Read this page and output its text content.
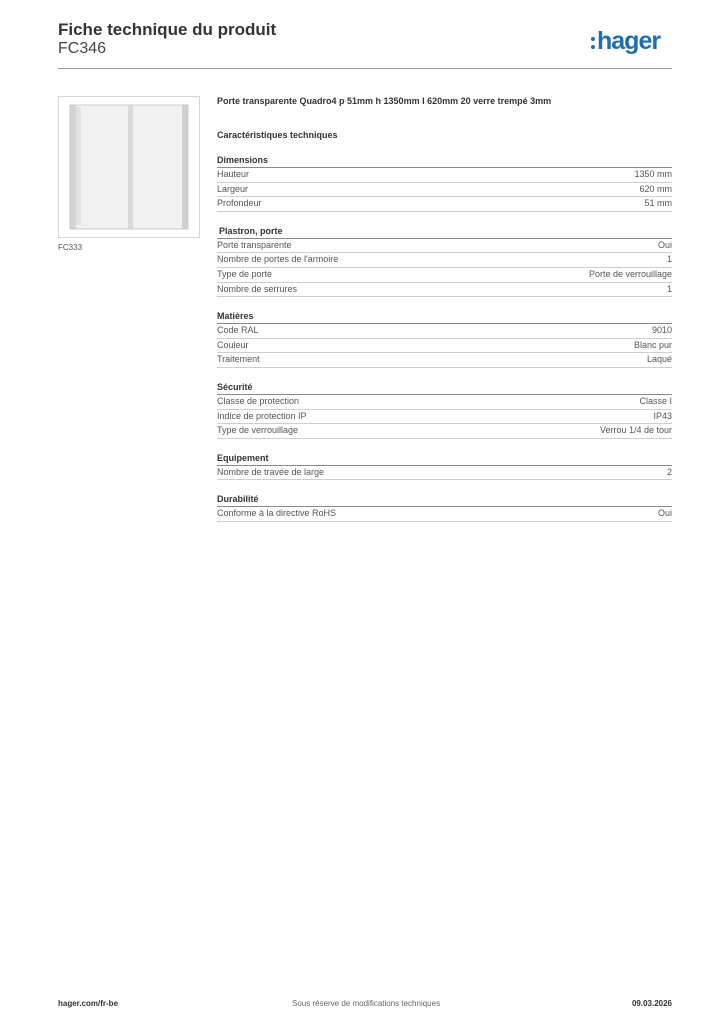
Fiche technique du produit
FC346	hager
FC333
Porte transparente Quadro4 p 51mm h 1350mm l 620mm 20 verre trempé 3mm
Caractéristiques techniques
Dimensions
Hauteur	1350 mm
Largeur	620 mm
Profondeur	51 mm
Plastron, porte
Porte transparente	Oui
Nombre de portes de l'armoire	1
Type de porte	Porte de verrouillage
Nombre de serrures	1
Matières
Code RAL	9010
Couleur	Blanc pur
Traitement	Laqué
Sécurité
Classe de protection	Classe I
Indice de protection IP	IP43
Type de verrouillage	Verrou 1/4 de tour
Equipement
Nombre de travée de large	2
Durabilité
Conforme à la directive RoHS	Oui
hager.com/fr-be	Sous réserve de modifications techniques	09.03.2026
